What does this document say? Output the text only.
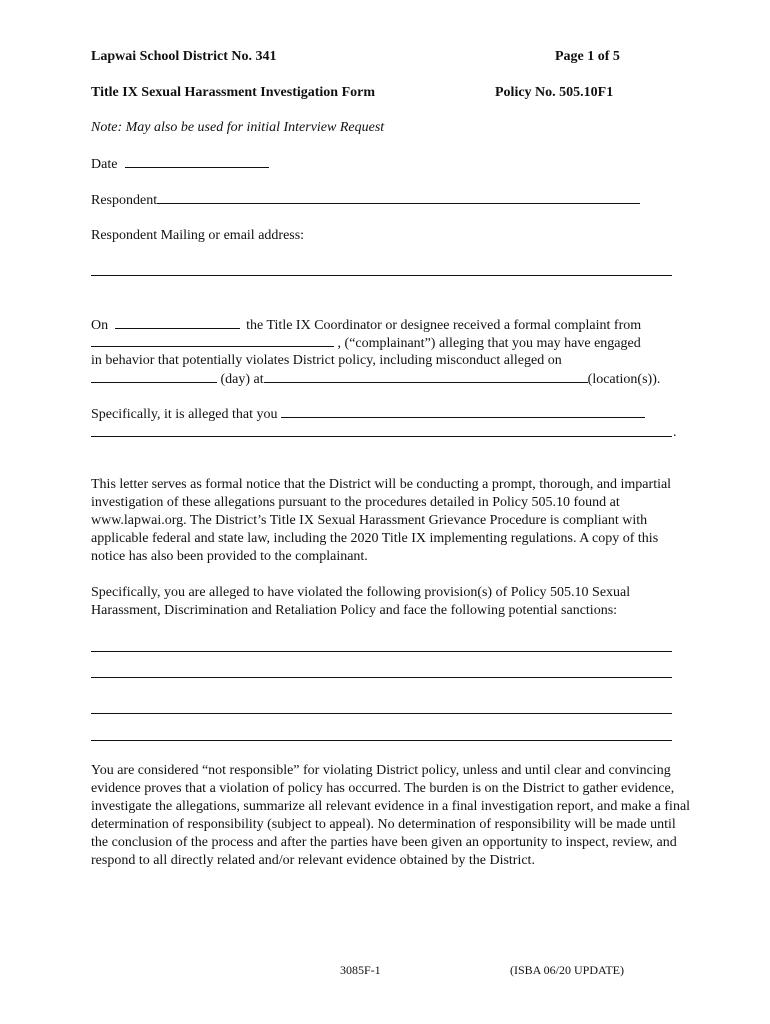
Lapwai School District No. 341	Page 1 of 5
Title IX Sexual Harassment Investigation Form	Policy No. 505.10F1
Note: May also be used for initial Interview Request
Date
Respondent
Respondent Mailing or email address:
On	the Title IX Coordinator or designee received a formal complaint from
, (“complainant”) alleging that you may have engaged
in behavior that potentially violates District policy, including misconduct alleged on
(day) at	(location(s)).
Specifically, it is alleged that you
.
This letter serves as formal notice that the District will be conducting a prompt, thorough, and impartial investigation of these allegations pursuant to the procedures detailed in Policy 505.10 found at www.lapwai.org. The District’s Title IX Sexual Harassment Grievance Procedure is compliant with applicable federal and state law, including the 2020 Title IX implementing regulations. A copy of this notice has also been provided to the complainant.
Specifically, you are alleged to have violated the following provision(s) of Policy 505.10 Sexual Harassment, Discrimination and Retaliation Policy and face the following potential sanctions:
You are considered “not responsible” for violating District policy, unless and until clear and convincing evidence proves that a violation of policy has occurred. The burden is on the District to gather evidence, investigate the allegations, summarize all relevant evidence in a final investigation report, and make a final determination of responsibility (subject to appeal). No determination of responsibility will be made until the conclusion of the process and after the parties have been given an opportunity to inspect, review, and respond to all directly related and/or relevant evidence obtained by the District.
3085F-1	(ISBA 06/20 UPDATE)
